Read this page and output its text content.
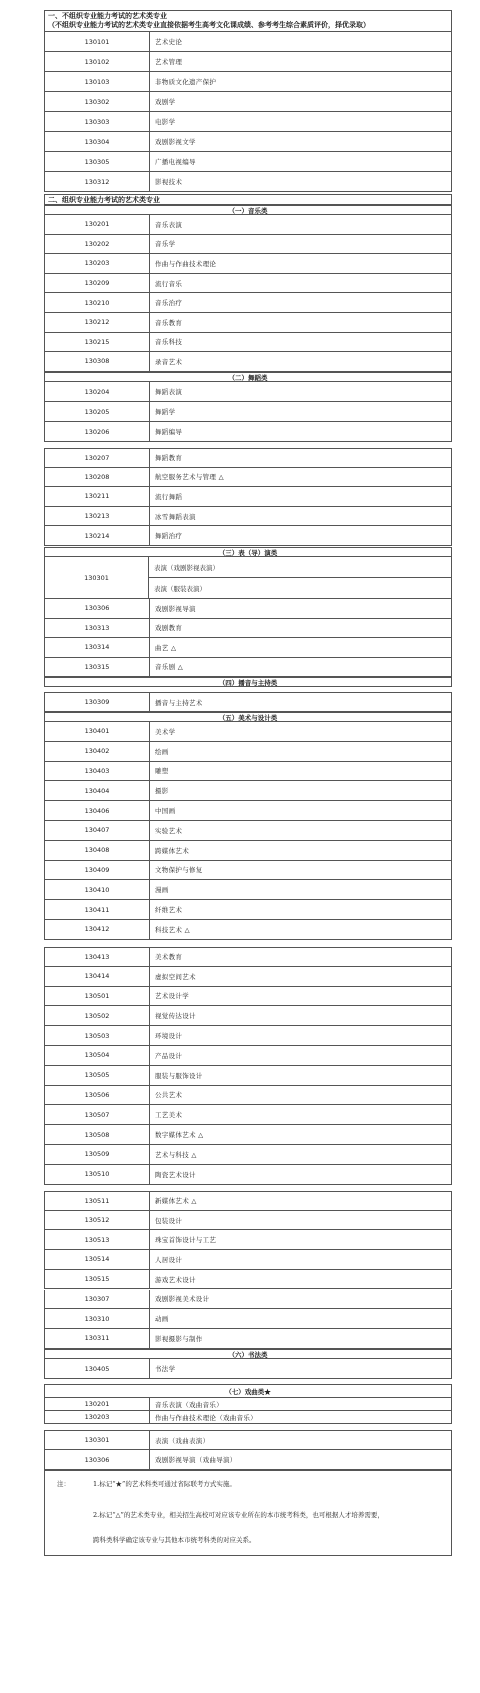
一、不组织专业能力考试的艺术类专业
（不组织专业能力考试的艺术类专业直接依据考生高考文化课成绩、参考考生综合素质评价，择优录取）
130101	艺术史论
130102	艺术管理
130103	非物质文化遗产保护
130302	戏剧学
130303	电影学
130304	戏剧影视文学
130305	广播电视编导
130312	影视技术
二、组织专业能力考试的艺术类专业
（一）音乐类
130201	音乐表演
130202	音乐学
130203	作曲与作曲技术理论
130209	流行音乐
130210	音乐治疗
130212	音乐教育
130215	音乐科技
130308	录音艺术
（二）舞蹈类
130204	舞蹈表演
130205	舞蹈学
130206	舞蹈编导
130207	舞蹈教育
130208	航空服务艺术与管理 △
130211	流行舞蹈
130213	冰雪舞蹈表演
130214	舞蹈治疗
（三）表（导）演类
130301
表演（戏剧影视表演）
表演（服装表演）
130306	戏剧影视导演
130313	戏剧教育
130314	曲艺 △
130315	音乐剧 △
（四）播音与主持类
130309	播音与主持艺术
（五）美术与设计类
130401	美术学
130402	绘画
130403	雕塑
130404	摄影
130406	中国画
130407	实验艺术
130408	跨媒体艺术
130409	文物保护与修复
130410	漫画
130411	纤维艺术
130412	科技艺术 △
130413	美术教育
130414	虚拟空间艺术
130501	艺术设计学
130502	视觉传达设计
130503	环境设计
130504	产品设计
130505	服装与服饰设计
130506	公共艺术
130507	工艺美术
130508	数字媒体艺术 △
130509	艺术与科技 △
130510	陶瓷艺术设计
130511	新媒体艺术 △
130512	包装设计
130513	珠宝首饰设计与工艺
130514	人居设计
130515	游戏艺术设计
130307	戏剧影视美术设计
130310	动画
130311	影视摄影与制作
（六）书法类
130405	书法学
（七）戏曲类★
130201	音乐表演（戏曲音乐）
130203	作曲与作曲技术理论（戏曲音乐）
130301	表演（戏曲表演）
130306	戏剧影视导演（戏曲导演）
注：	1.标记“★”的艺术科类可通过省际联考方式实施。
2.标记“△”的艺术类专业，相关招生高校可对应该专业所在的本市统考科类，也可根据人才培养需要，
跨科类科学确定该专业与其他本市统考科类的对应关系。
